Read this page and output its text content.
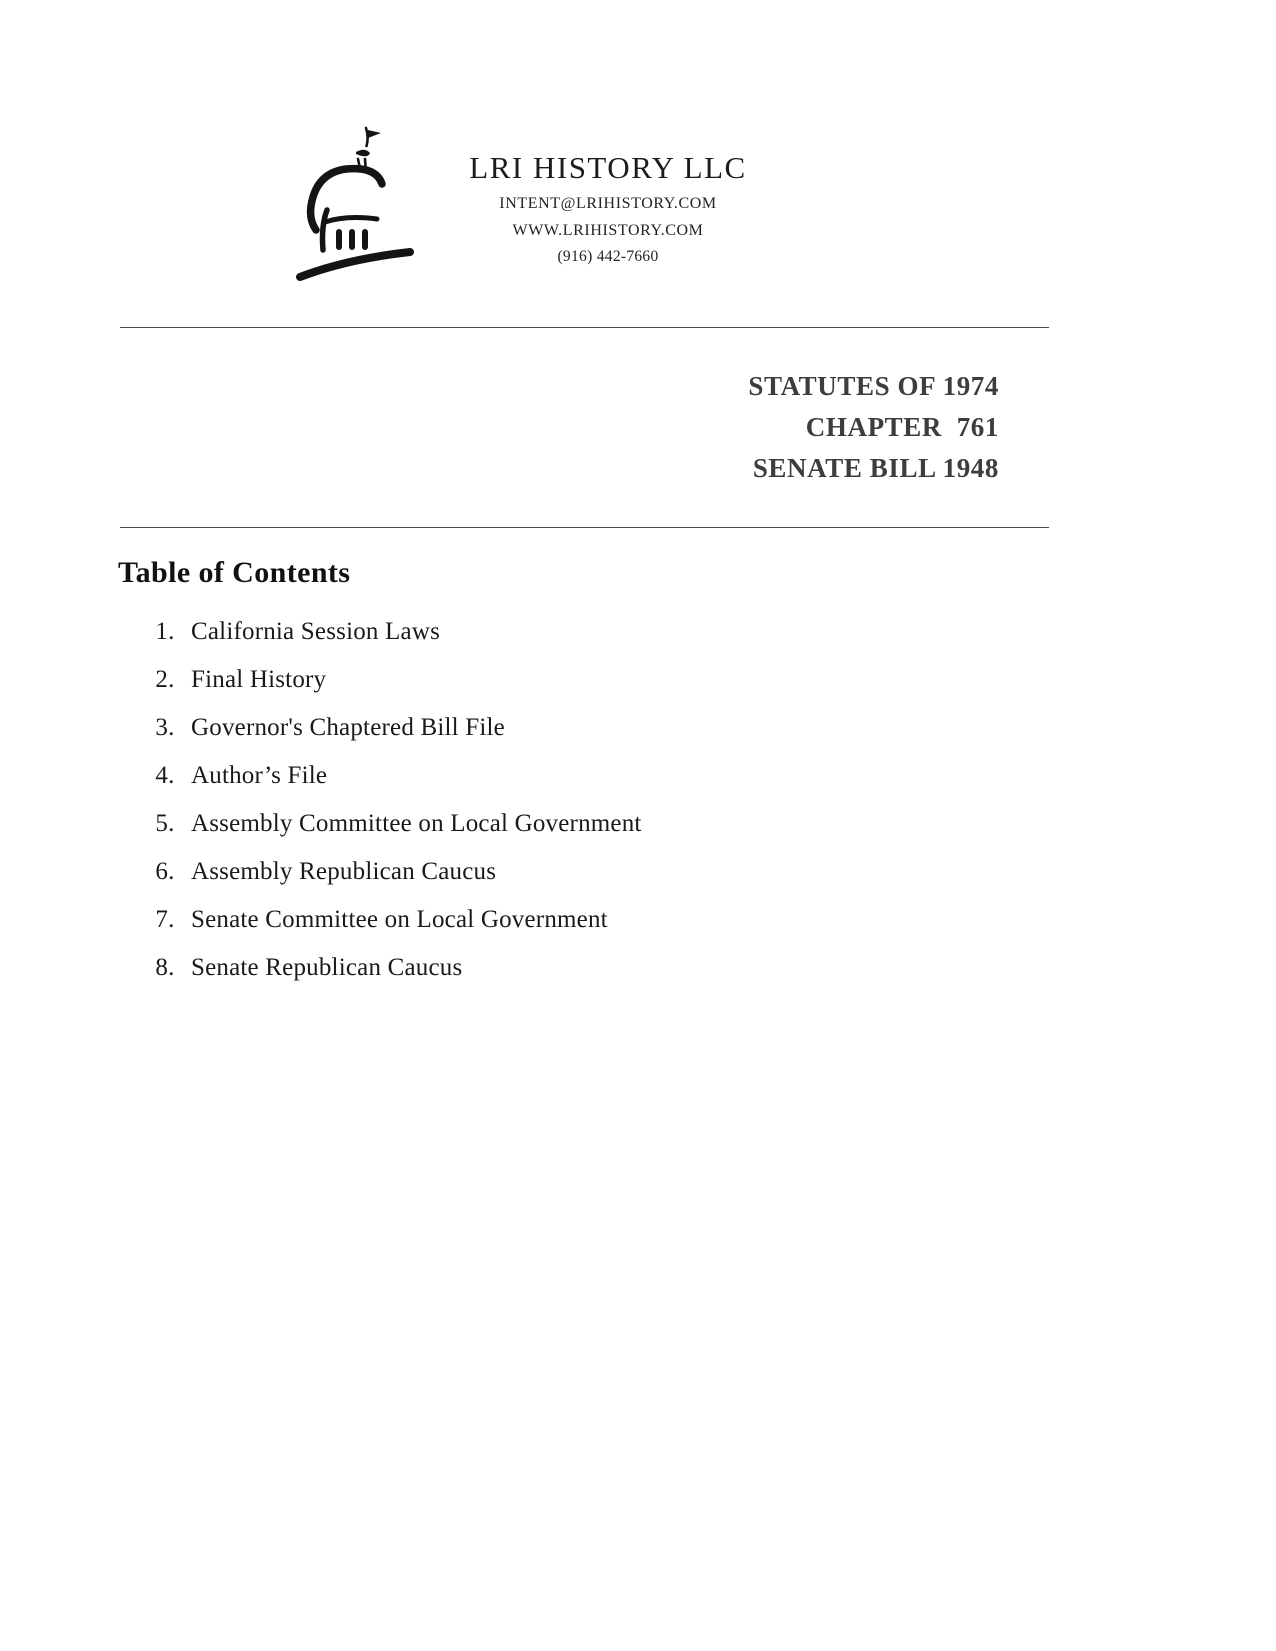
LRI HISTORY LLC
INTENT@LRIHISTORY.COM
WWW.LRIHISTORY.COM
(916) 442-7660
STATUTES OF 1974
CHAPTER  761
SENATE BILL 1948
Table of Contents
1. California Session Laws
2. Final History
3. Governor's Chaptered Bill File
4. Author’s File
5. Assembly Committee on Local Government
6. Assembly Republican Caucus
7. Senate Committee on Local Government
8. Senate Republican Caucus
